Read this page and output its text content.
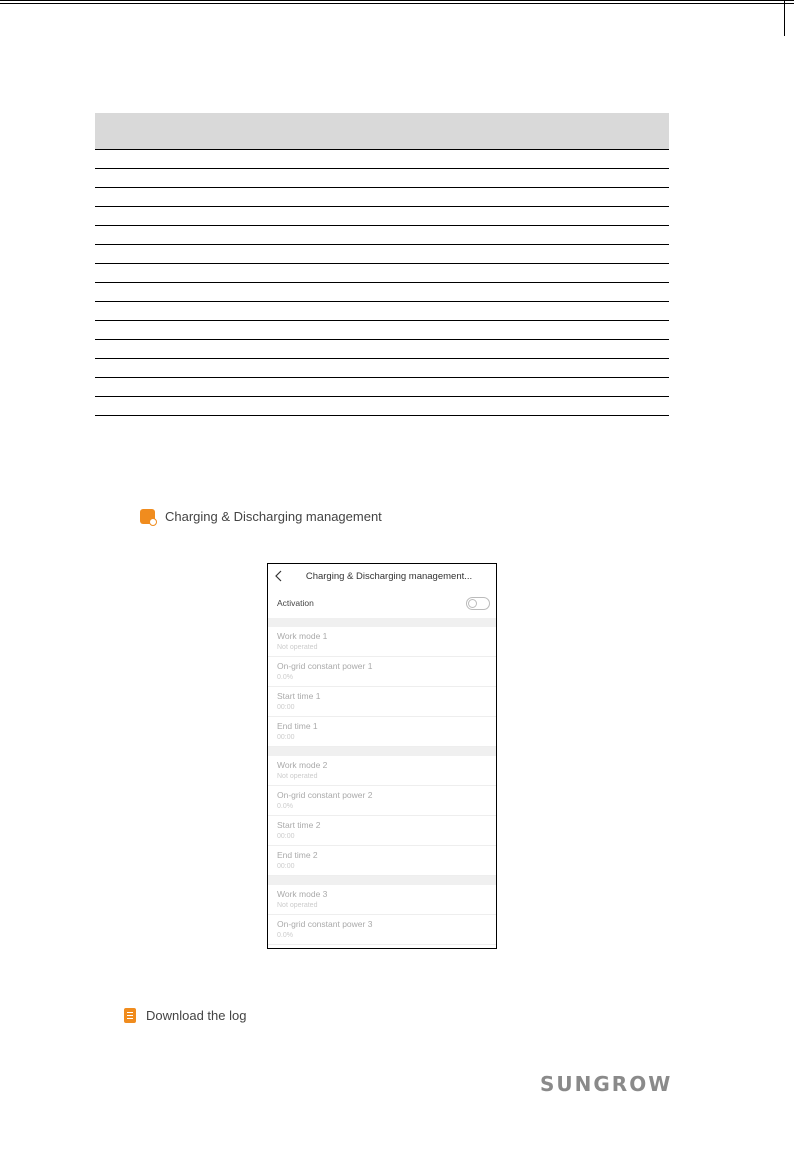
Charging & Discharging management
Charging & Discharging management...
Activation
Work mode 1
Not operated
On-grid constant power 1
0.0%
Start time 1
00:00
End time 1
00:00
Work mode 2
Not operated
On-grid constant power 2
0.0%
Start time 2
00:00
End time 2
00:00
Work mode 3
Not operated
On-grid constant power 3
0.0%
Download the log
SUNGROW
